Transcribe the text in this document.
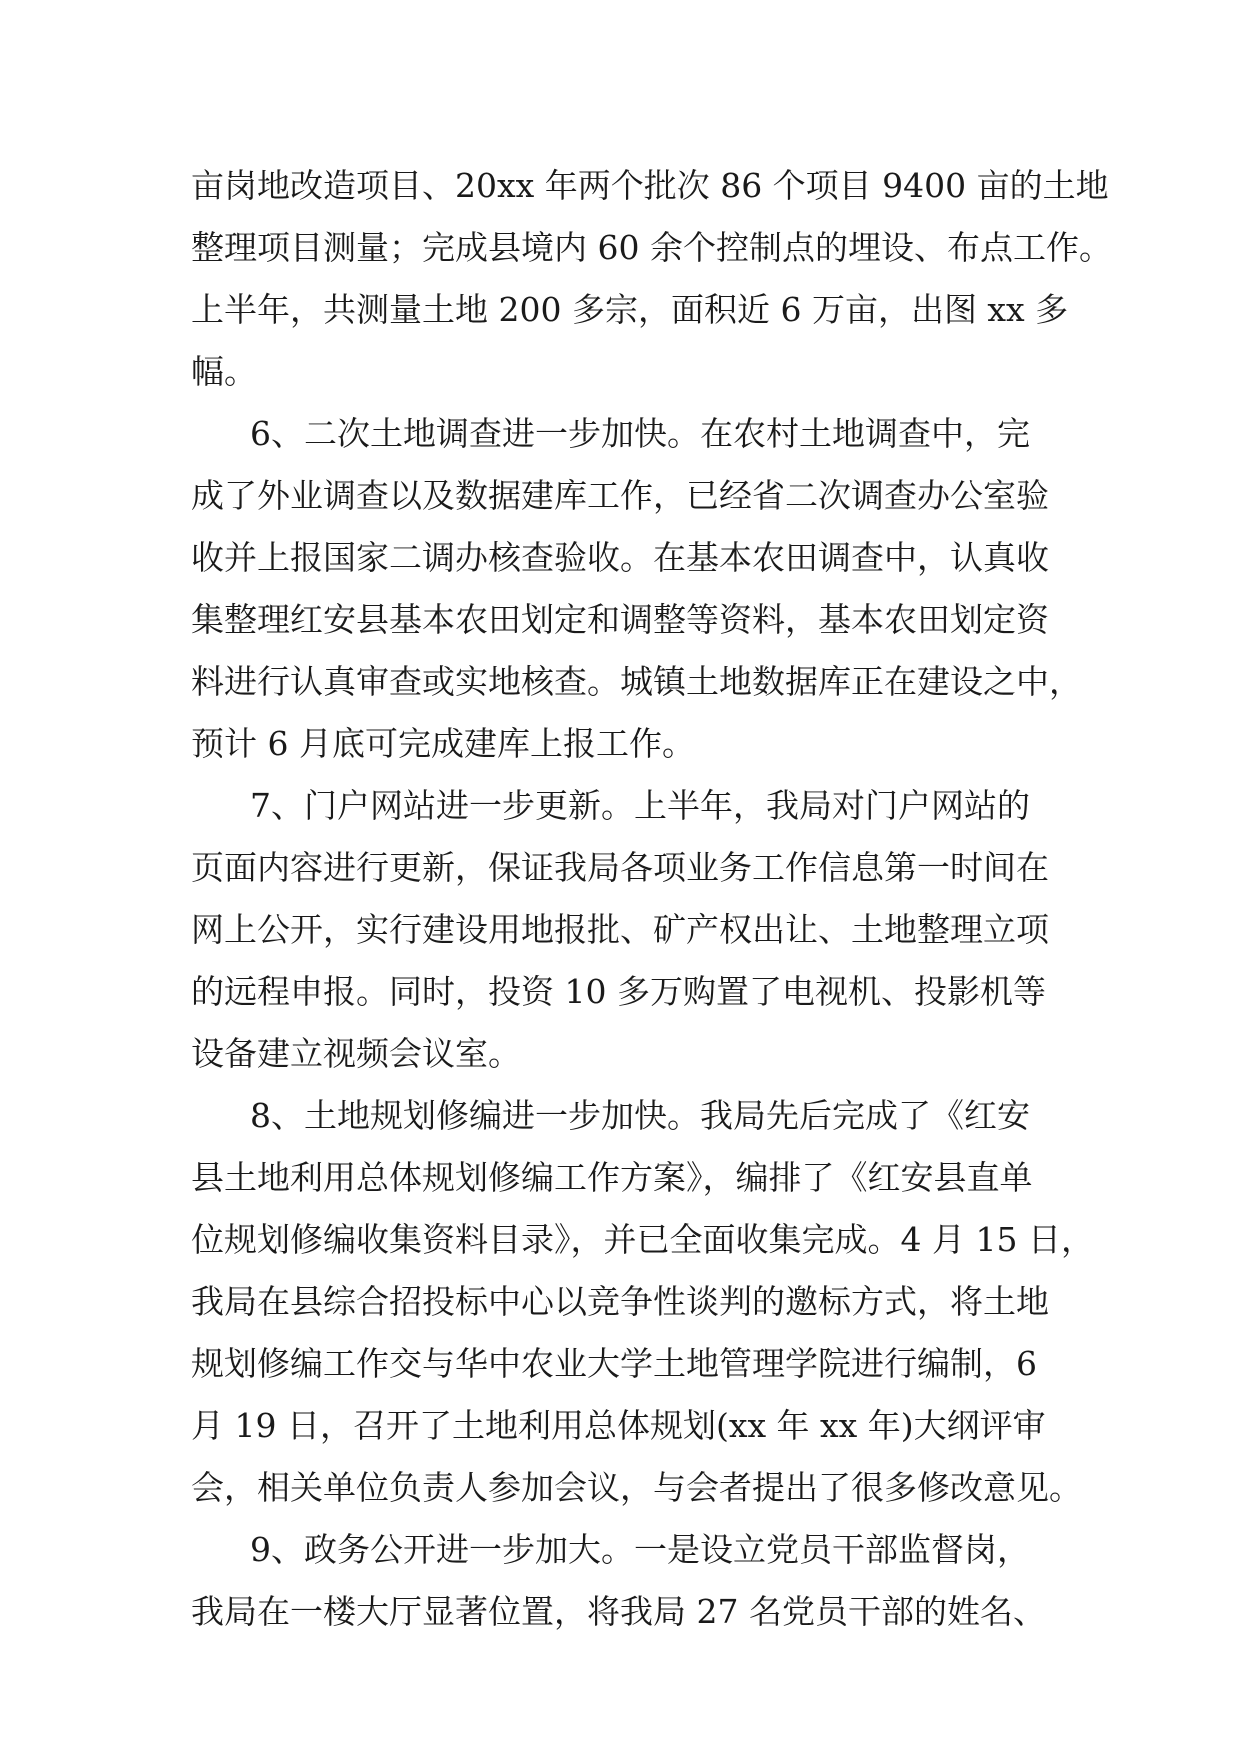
亩岗地改造项目、20xx 年两个批次 86 个项目 9400 亩的土地
整理项目测量；完成县境内 60 余个控制点的埋设、布点工作。
上半年，共测量土地 200 多宗，面积近 6 万亩，出图 xx 多
幅。
6、二次土地调查进一步加快。在农村土地调查中，完
成了外业调查以及数据建库工作，已经省二次调查办公室验
收并上报国家二调办核查验收。在基本农田调查中，认真收
集整理红安县基本农田划定和调整等资料，基本农田划定资
料进行认真审查或实地核查。城镇土地数据库正在建设之中，
预计 6 月底可完成建库上报工作。
7、门户网站进一步更新。上半年，我局对门户网站的
页面内容进行更新，保证我局各项业务工作信息第一时间在
网上公开，实行建设用地报批、矿产权出让、土地整理立项
的远程申报。同时，投资 10 多万购置了电视机、投影机等
设备建立视频会议室。
8、土地规划修编进一步加快。我局先后完成了《红安
县土地利用总体规划修编工作方案》，编排了《红安县直单
位规划修编收集资料目录》，并已全面收集完成。4 月 15 日，
我局在县综合招投标中心以竞争性谈判的邀标方式，将土地
规划修编工作交与华中农业大学土地管理学院进行编制，6
月 19 日，召开了土地利用总体规划(xx 年 xx 年)大纲评审
会，相关单位负责人参加会议，与会者提出了很多修改意见。
9、政务公开进一步加大。一是设立党员干部监督岗，
我局在一楼大厅显著位置，将我局 27 名党员干部的姓名、
